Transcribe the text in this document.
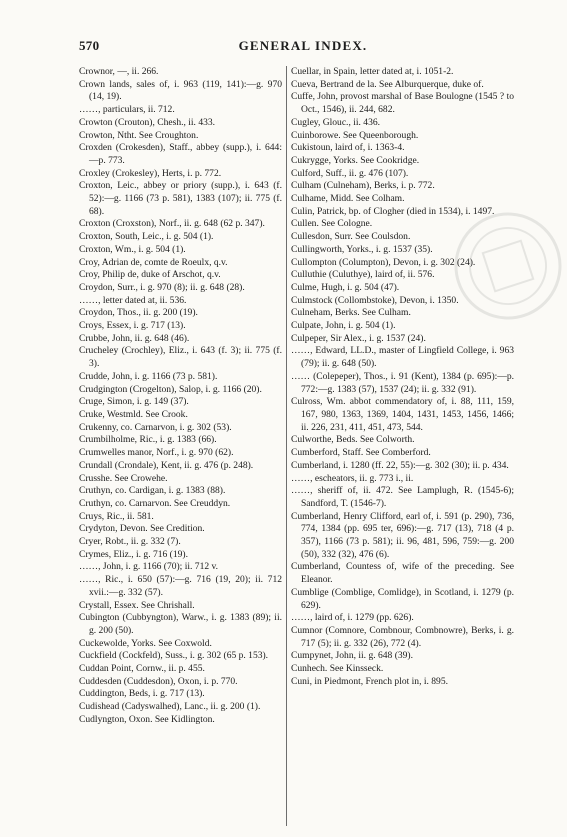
570	GENERAL INDEX.

Crownor, —, ii. 266.

Crown lands, sales of, i. 963 (119, 141):—g. 970 (14, 19).

……, particulars, ii. 712.

Crowton (Crouton), Chesh., ii. 433.

Crowton, Ntht. See Croughton.

Croxden (Crokesden), Staff., abbey (supp.), i. 644:—p. 773.

Croxley (Crokesley), Herts, i. p. 772.

Croxton, Leic., abbey or priory (supp.), i. 643 (f. 52):—g. 1166 (73 p. 581), 1383 (107); ii. 775 (f. 68).

Croxton (Croxston), Norf., ii. g. 648 (62 p. 347).

Croxton, South, Leic., i. g. 504 (1).

Croxton, Wm., i. g. 504 (1).

Croy, Adrian de, comte de Roeulx, q.v.

Croy, Philip de, duke of Arschot, q.v.

Croydon, Surr., i. g. 970 (8); ii. g. 648 (28).

……, letter dated at, ii. 536.

Croydon, Thos., ii. g. 200 (19).

Croys, Essex, i. g. 717 (13).

Crubbe, John, ii. g. 648 (46).

Crucheley (Crochley), Eliz., i. 643 (f. 3); ii. 775 (f. 3).

Crudde, John, i. g. 1166 (73 p. 581).

Crudgington (Crogelton), Salop, i. g. 1166 (20).

Cruge, Simon, i. g. 149 (37).

Cruke, Westmld. See Crook.

Crukenny, co. Carnarvon, i. g. 302 (53).

Crumbilholme, Ric., i. g. 1383 (66).

Crumwelles manor, Norf., i. g. 970 (62).

Crundall (Crondale), Kent, ii. g. 476 (p. 248).

Crusshe. See Crowehe.

Cruthyn, co. Cardigan, i. g. 1383 (88).

Cruthyn, co. Carnarvon. See Creuddyn.

Cruys, Ric., ii. 581.

Crydyton, Devon. See Credition.

Cryer, Robt., ii. g. 332 (7).

Crymes, Eliz., i. g. 716 (19).

……, John, i. g. 1166 (70); ii. 712 v.

……, Ric., i. 650 (57):—g. 716 (19, 20); ii. 712 xvii.:—g. 332 (57).

Crystall, Essex. See Chrishall.

Cubington (Cubbyngton), Warw., i. g. 1383 (89); ii. g. 200 (50).

Cuckewolde, Yorks. See Coxwold.

Cuckfield (Cockfeld), Suss., i. g. 302 (65 p. 153).

Cuddan Point, Cornw., ii. p. 455.

Cuddesden (Cuddesdon), Oxon, i. p. 770.

Cuddington, Beds, i. g. 717 (13).

Cudishead (Cadyswalhed), Lanc., ii. g. 200 (1).

Cudlyngton, Oxon. See Kidlington.

Cuellar, in Spain, letter dated at, i. 1051-2.

Cueva, Bertrand de la. See Alburquerque, duke of.

Cuffe, John, provost marshal of Base Boulogne (1545 ? to Oct., 1546), ii. 244, 682.

Cugley, Glouc., ii. 436.

Cuinborowe. See Queenborough.

Cukistoun, laird of, i. 1363-4.

Cukrygge, Yorks. See Cookridge.

Culford, Suff., ii. g. 476 (107).

Culham (Culneham), Berks, i. p. 772.

Culhame, Midd. See Colham.

Culin, Patrick, bp. of Clogher (died in 1534), i. 1497.

Cullen. See Cologne.

Cullesdon, Surr. See Coulsdon.

Cullingworth, Yorks., i. g. 1537 (35).

Cullompton (Columpton), Devon, i. g. 302 (24).

Culluthie (Culuthye), laird of, ii. 576.

Culme, Hugh, i. g. 504 (47).

Culmstock (Collombstoke), Devon, i. 1350.

Culneham, Berks. See Culham.

Culpate, John, i. g. 504 (1).

Culpeper, Sir Alex., i. g. 1537 (24).

……, Edward, LL.D., master of Lingfield College, i. 963 (79); ii. g. 648 (50).

…… (Colepeper), Thos., i. 91 (Kent), 1384 (p. 695):—p. 772:—g. 1383 (57), 1537 (24); ii. g. 332 (91).

Culross, Wm. abbot commendatory of, i. 88, 111, 159, 167, 980, 1363, 1369, 1404, 1431, 1453, 1456, 1466; ii. 226, 231, 411, 451, 473, 544.

Culworthe, Beds. See Colworth.

Cumberford, Staff. See Comberford.

Cumberland, i. 1280 (ff. 22, 55):—g. 302 (30); ii. p. 434.

……, escheators, ii. g. 773 i., ii.

……, sheriff of, ii. 472. See Lamplugh, R. (1545-6); Sandford, T. (1546-7).

Cumberland, Henry Clifford, earl of, i. 591 (p. 290), 736, 774, 1384 (pp. 695 ter, 696):—g. 717 (13), 718 (4 p. 357), 1166 (73 p. 581); ii. 96, 481, 596, 759:—g. 200 (50), 332 (32), 476 (6).

Cumberland, Countess of, wife of the preceding. See Eleanor.

Cumblige (Comblige, Comlidge), in Scotland, i. 1279 (p. 629).

……, laird of, i. 1279 (pp. 626).

Cumnor (Comnore, Combnour, Combnowre), Berks, i. g. 717 (5); ii. g. 332 (26), 772 (4).

Cumpynet, John, ii. g. 648 (39).

Cunhech. See Kinsseck.

Cuni, in Piedmont, French plot in, i. 895.
